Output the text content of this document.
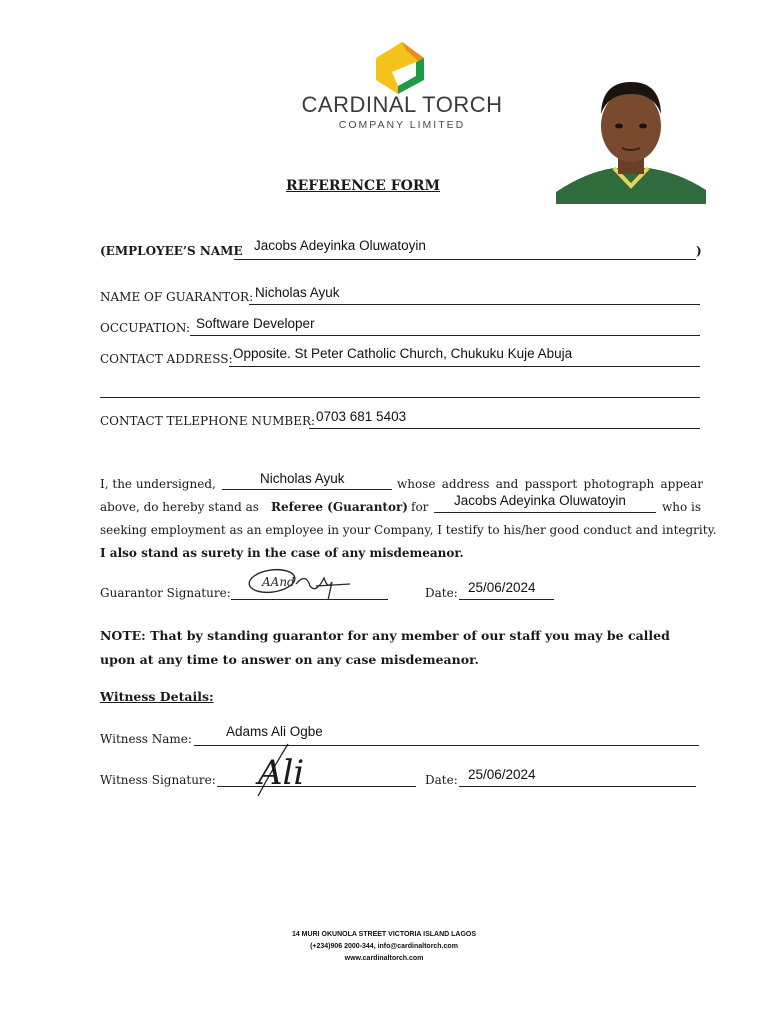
CARDINAL TORCH
COMPANY LIMITED
REFERENCE FORM
(EMPLOYEE’S NAME Jacobs Adeyinka Oluwatoyin	)
NAME OF GUARANTOR: Nicholas Ayuk
OCCUPATION: Software Developer
CONTACT ADDRESS: Opposite. St Peter Catholic Church, Chukuku Kuje Abuja
CONTACT TELEPHONE NUMBER: 0703 681 5403
I, the undersigned,	Nicholas Ayuk	whose address and passport photograph appear
above, do hereby stand as Referee (Guarantor) for Jacobs Adeyinka Oluwatoyin	who is
seeking employment as an employee in your Company, I testify to his/her good conduct and integrity.
I also stand as surety in the case of any misdemeanor.
Guarantor Signature:
AAnd
Date: 25/06/2024
NOTE: That by standing guarantor for any member of our staff you may be called upon at any time to answer on any case misdemeanor.
Witness Details:
Witness Name:	Adams Ali Ogbe
Witness Signature: Ali	Date: 25/06/2024
14 MURI OKUNOLA STREET VICTORIA ISLAND LAGOS
(+234)906 2000-344, info@cardinaltorch.com
www.cardinaltorch.com
